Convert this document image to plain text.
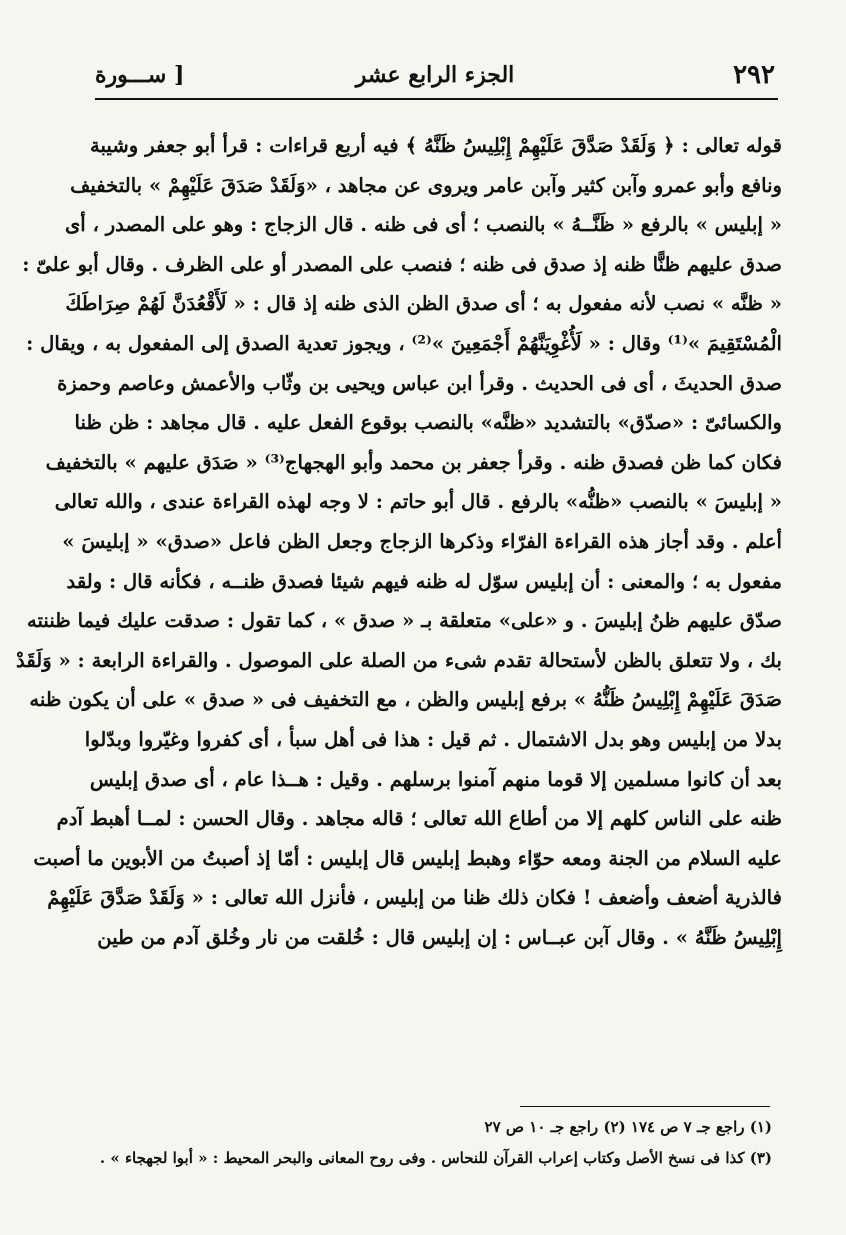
٢٩٢
الجزء الرابع عشر
[ ســـورة
قوله تعالى : ﴿ وَلَقَدْ صَدَّقَ عَلَيْهِمْ إِبْلِيسُ ظَنَّهُ ﴾ فيه أربع قراءات : قرأ أبو جعفر وشيبة
ونافع وأبو عمرو وآبن كثير وآبن عامر ويروى عن مجاهد ، «وَلَقَدْ صَدَقَ عَلَيْهِمْ » بالتخفيف
« إبليس » بالرفع « ظَنَّــهُ » بالنصب ؛ أى فى ظنه . قال الزجاج : وهو على المصدر ، أى
صدق عليهم ظنًّا ظنه إذ صدق فى ظنه ؛ فنصب على المصدر أو على الظرف . وقال أبو علىّ :
« ظنَّه » نصب لأنه مفعول به ؛ أى صدق الظن الذى ظنه إذ قال : « لَأَقْعُدَنَّ لَهُمْ صِرَاطَكَ
الْمُسْتَقِيمَ »⁽¹⁾ وقال : « لَأُغْوِيَنَّهُمْ أَجْمَعِينَ »⁽²⁾ ، ويجوز تعدية الصدق إلى المفعول به ، ويقال :
صدق الحديثَ ، أى فى الحديث . وقرأ ابن عباس ويحيى بن وثّاب والأعمش وعاصم وحمزة
والكسائىّ : «صدّق» بالتشديد «ظنَّه» بالنصب بوقوع الفعل عليه . قال مجاهد : ظن ظنا
فكان كما ظن فصدق ظنه . وقرأ جعفر بن محمد وأبو الهجهاج⁽³⁾ « صَدَق عليهم » بالتخفيف
« إبليسَ » بالنصب «ظنُّه» بالرفع . قال أبو حاتم : لا وجه لهذه القراءة عندى ، والله تعالى
أعلم . وقد أجاز هذه القراءة الفرّاء وذكرها الزجاج وجعل الظن فاعل «صدق» « إبليسَ »
مفعول به ؛ والمعنى : أن إبليس سوّل له ظنه فيهم شيئا فصدق ظنــه ، فكأنه قال : ولقد
صدّق عليهم ظنُ إبليسَ . و «على» متعلقة بـ « صدق » ، كما تقول : صدقت عليك فيما ظننته
بك ، ولا تتعلق بالظن لأستحالة تقدم شىء من الصلة على الموصول . والقراءة الرابعة : « وَلَقَدْ
صَدَقَ عَلَيْهِمْ إِبْلِيسُ ظَنُّهُ » برفع إبليس والظن ، مع التخفيف فى « صدق » على أن يكون ظنه
بدلا من إبليس وهو بدل الاشتمال . ثم قيل : هذا فى أهل سبأ ، أى كفروا وغيّروا وبدّلوا
بعد أن كانوا مسلمين إلا قوما منهم آمنوا برسلهم . وقيل : هــذا عام ، أى صدق إبليس
ظنه على الناس كلهم إلا من أطاع الله تعالى ؛ قاله مجاهد . وقال الحسن : لمــا أهبط آدم
عليه السلام من الجنة ومعه حوّاء وهبط إبليس قال إبليس : أمّا إذ أصبتُ من الأبوين ما أصبت
فالذرية أضعف وأضعف ! فكان ذلك ظنا من إبليس ، فأنزل الله تعالى : « وَلَقَدْ صَدَّقَ عَلَيْهِمْ
إِبْلِيسُ ظَنَّهُ » . وقال آبن عبــاس : إن إبليس قال : خُلقت من نار وخُلق آدم من طين
(١) راجع جـ ٧ ص ١٧٤ (٢) راجع جـ ١٠ ص ٢٧
(٣) كذا فى نسخ الأصل وكتاب إعراب القرآن للنحاس . وفى روح المعانى والبحر المحيط : « أبوا لجهجاء » .
